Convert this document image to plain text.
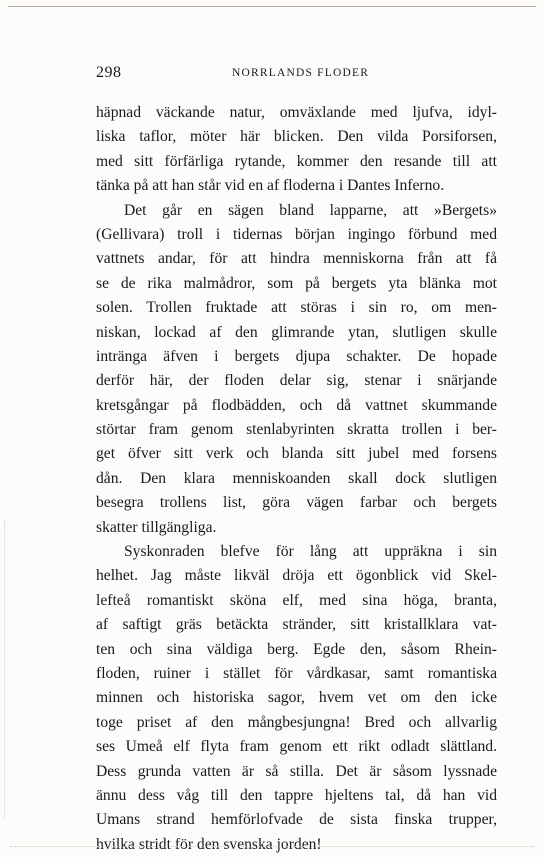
298	NORRLANDS FLODER
häpnad väckande natur, omväxlande med ljufva, idyl-
liska taflor, möter här blicken. Den vilda Porsiforsen,
med sitt förfärliga rytande, kommer den resande till att
tänka på att han står vid en af floderna i Dantes Inferno.
Det går en sägen bland lapparne, att »Bergets»
(Gellivara) troll i tidernas början ingingo förbund med
vattnets andar, för att hindra menniskorna från att få
se de rika malmådror, som på bergets yta blänka mot
solen. Trollen fruktade att störas i sin ro, om men-
niskan, lockad af den glimrande ytan, slutligen skulle
intränga äfven i bergets djupa schakter. De hopade
derför här, der floden delar sig, stenar i snärjande
kretsgångar på flodbädden, och då vattnet skummande
störtar fram genom stenlabyrinten skratta trollen i ber-
get öfver sitt verk och blanda sitt jubel med forsens
dån. Den klara menniskoanden skall dock slutligen
besegra trollens list, göra vägen farbar och bergets
skatter tillgängliga.
Syskonraden blefve för lång att uppräkna i sin
helhet. Jag måste likväl dröja ett ögonblick vid Skel-
lefteå romantiskt sköna elf, med sina höga, branta,
af saftigt gräs betäckta stränder, sitt kristallklara vat-
ten och sina väldiga berg. Egde den, såsom Rhein-
floden, ruiner i stället för vårdkasar, samt romantiska
minnen och historiska sagor, hvem vet om den icke
toge priset af den mångbesjungna! Bred och allvarlig
ses Umeå elf flyta fram genom ett rikt odladt slättland.
Dess grunda vatten är så stilla. Det är såsom lyssnade
ännu dess våg till den tappre hjeltens tal, då han vid
Umans strand hemförlofvade de sista finska trupper,
hvilka stridt för den svenska jorden!
